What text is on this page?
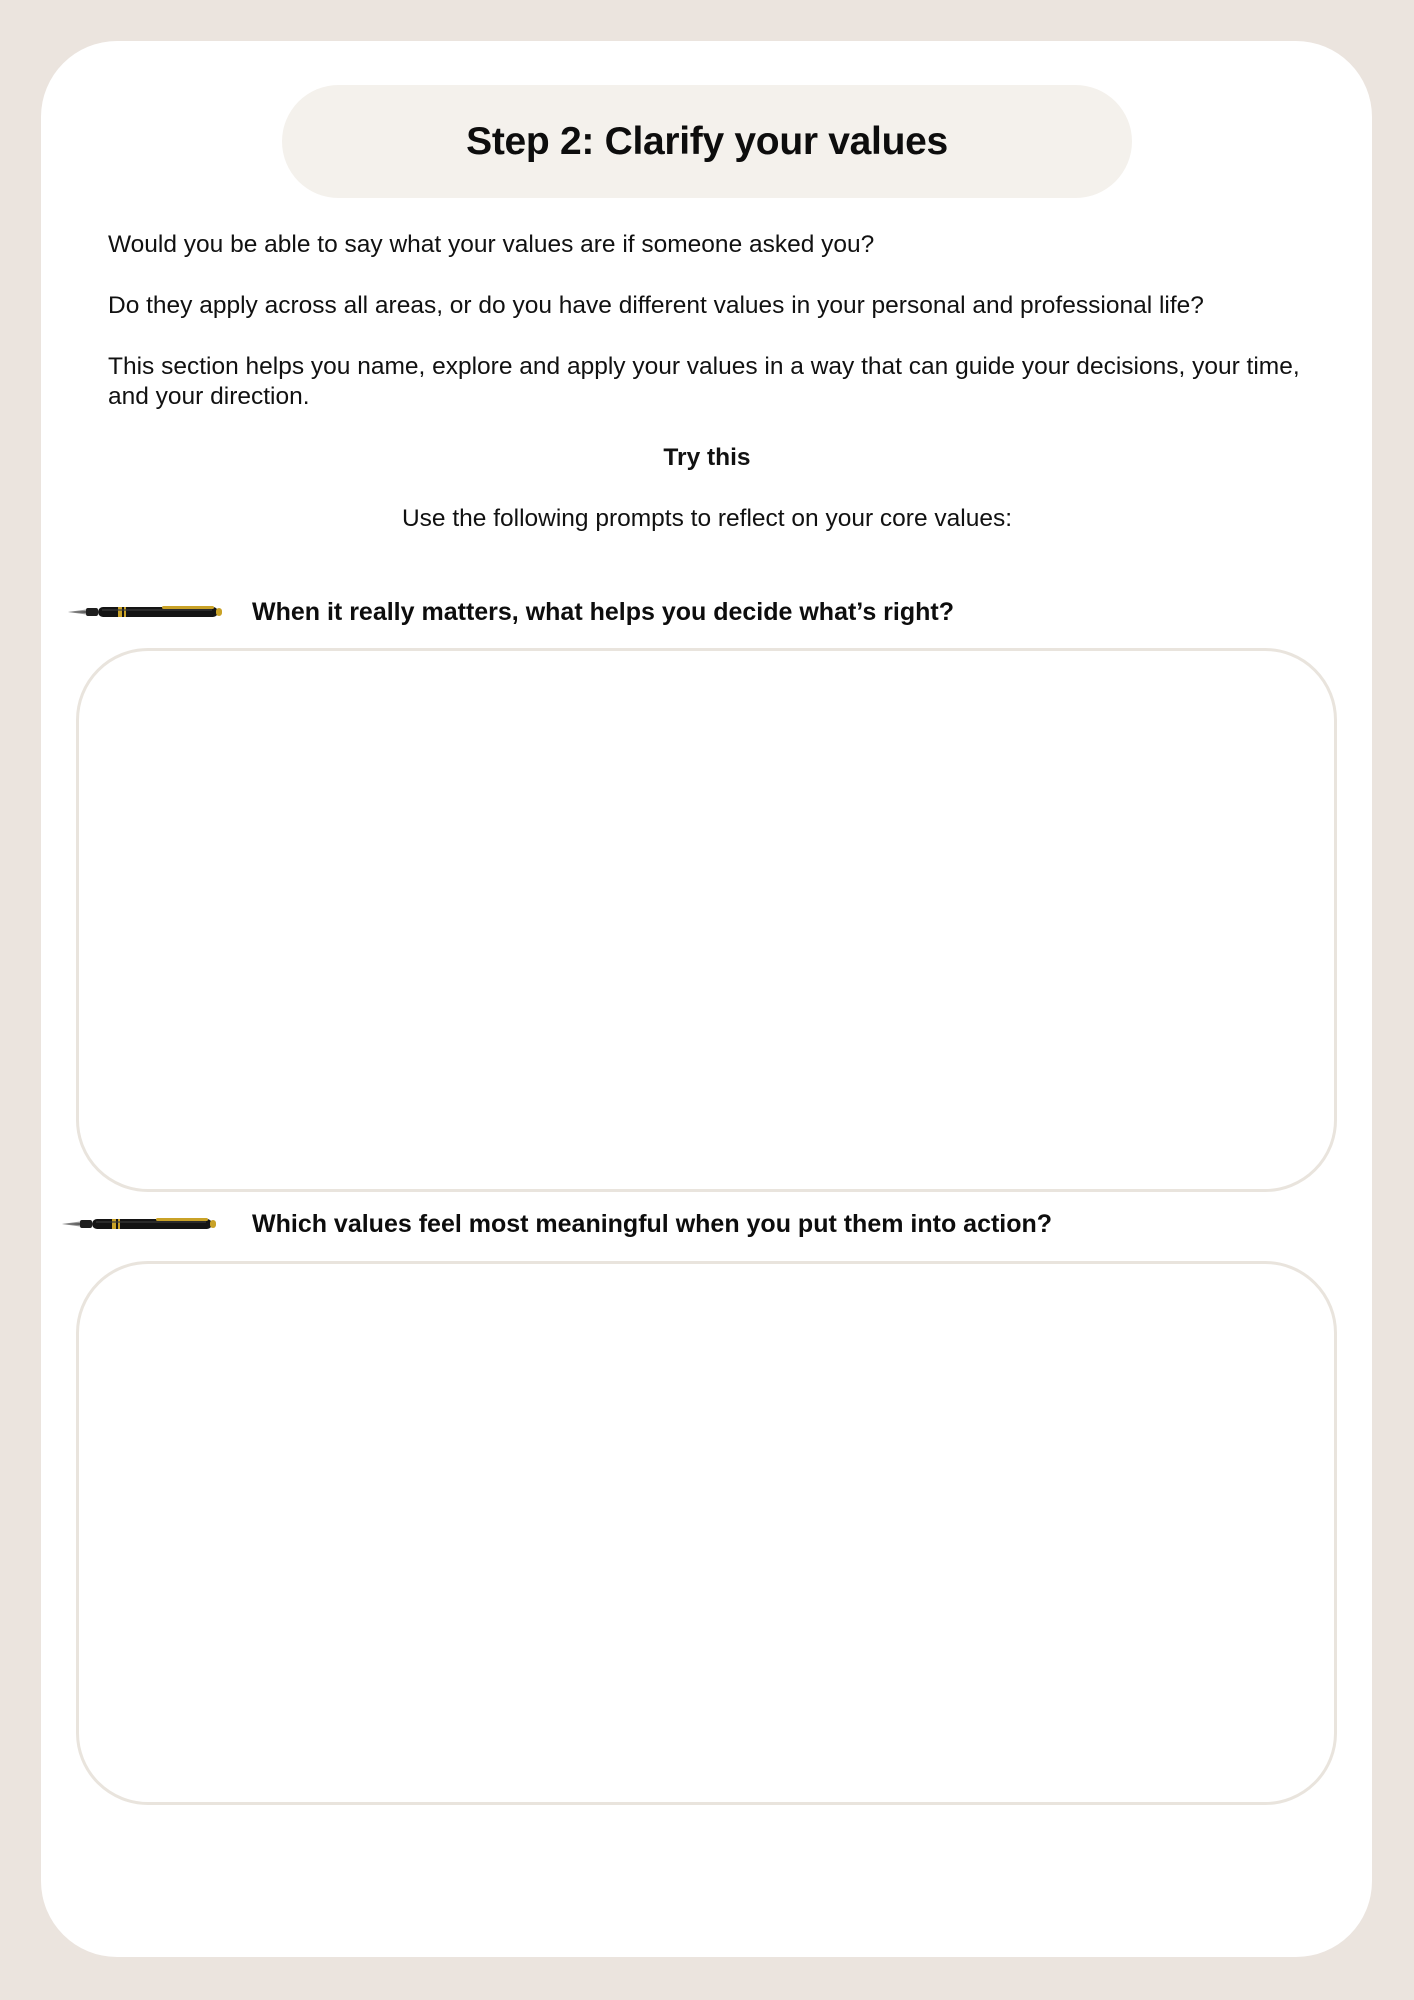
Step 2: Clarify your values

Would you be able to say what your values are if someone asked you?

Do they apply across all areas, or do you have different values in your personal and professional life?

This section helps you name, explore and apply your values in a way that can guide your decisions, your time, and your direction.

Try this

Use the following prompts to reflect on your core values:

When it really matters, what helps you decide what’s right?

Which values feel most meaningful when you put them into action?
